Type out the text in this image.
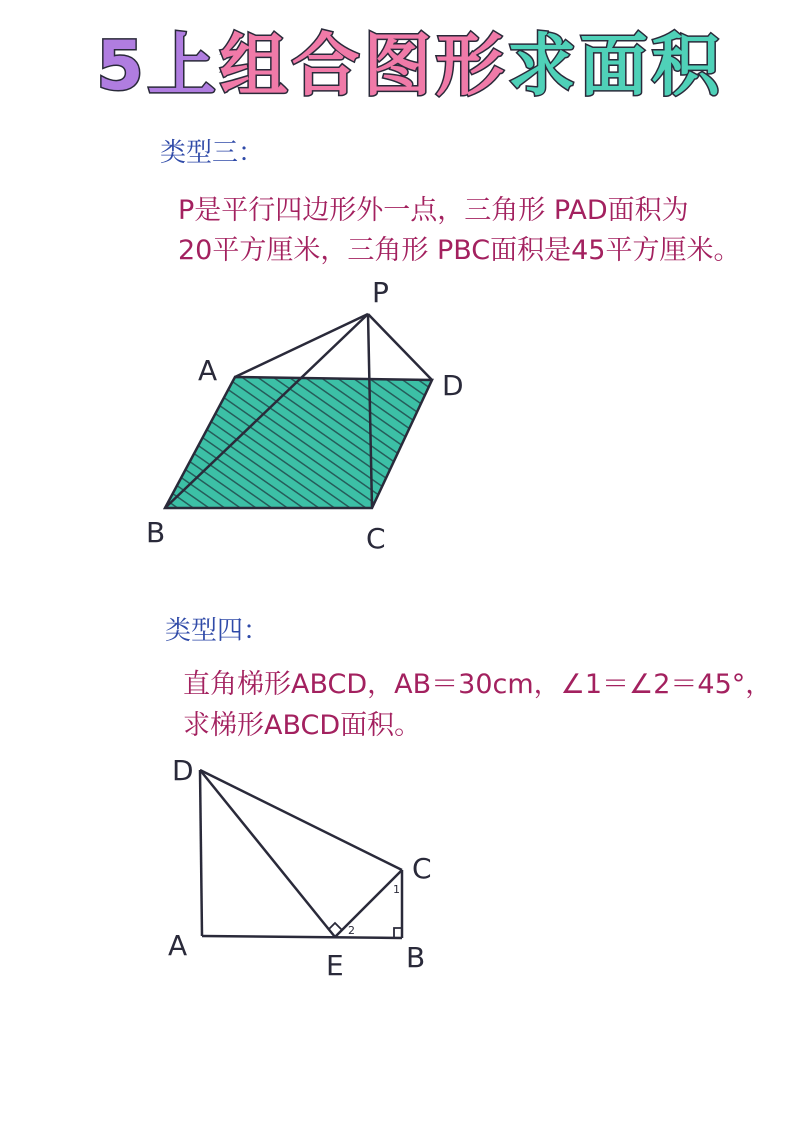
5上 组合图形 求面积
类型三：
P是平行四边形外一点，三角形 PAD面积为
20平方厘米，三角形 PBC面积是45平方厘米。
P
A	D
B	C
1
2
D
C
A
E B
类型四：
直角梯形ABCD，AB＝30cm，∠1＝∠2＝45°，
求梯形ABCD面积。
